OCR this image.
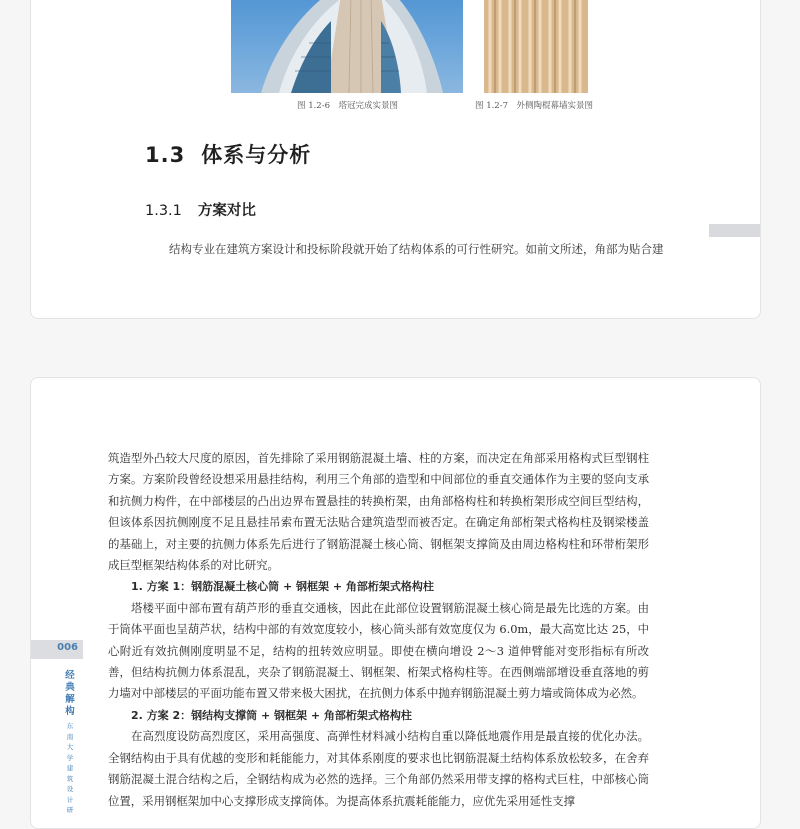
图 1.2-6　塔冠完成实景图	图 1.2-7　外侧陶棍幕墙实景图
1.3 体系与分析
1.3.1 方案对比
结构专业在建筑方案设计和投标阶段就开始了结构体系的可行性研究。如前文所述，角部为贴合建

筑造型外凸较大尺度的原因，首先排除了采用钢筋混凝土墙、柱的方案，而决定在角部采用格构式巨型钢柱方案。方案阶段曾经设想采用悬挂结构，利用三个角部的造型和中间部位的垂直交通体作为主要的竖向支承和抗侧力构件，在中部楼层的凸出边界布置悬挂的转换桁架，由角部格构柱和转换桁架形成空间巨型结构，但该体系因抗侧刚度不足且悬挂吊索布置无法贴合建筑造型而被否定。在确定角部桁架式格构柱及钢梁楼盖的基础上，对主要的抗侧力体系先后进行了钢筋混凝土核心筒、钢框架支撑筒及由周边格构柱和环带桁架形成巨型框架结构体系的对比研究。

1. 方案 1：钢筋混凝土核心筒 + 钢框架 + 角部桁架式格构柱

塔楼平面中部布置有葫芦形的垂直交通核，因此在此部位设置钢筋混凝土核心筒是最先比选的方案。由于筒体平面也呈葫芦状，结构中部的有效宽度较小，核心筒头部有效宽度仅为 6.0m，最大高宽比达 25，中心附近有效抗侧刚度明显不足，结构的扭转效应明显。即使在横向增设 2～3 道伸臂能对变形指标有所改善，但结构抗侧力体系混乱，夹杂了钢筋混凝土、钢框架、桁架式格构柱等。在西侧端部增设垂直落地的剪力墙对中部楼层的平面功能布置又带来极大困扰，在抗侧力体系中抛弃钢筋混凝土剪力墙或筒体成为必然。

2. 方案 2：钢结构支撑筒 + 钢框架 + 角部桁架式格构柱

在高烈度设防高烈度区，采用高强度、高弹性材料减小结构自重以降低地震作用是最直接的优化办法。全钢结构由于具有优越的变形和耗能能力，对其体系刚度的要求也比钢筋混凝土结构体系放松较多，在舍弃钢筋混凝土混合结构之后，全钢结构成为必然的选择。三个角部仍然采用带支撑的格构式巨柱，中部核心筒位置，采用钢框架加中心支撑形成支撑筒体。为提高体系抗震耗能能力，应优先采用延性支撑

006
经典解构
东南大学建筑设计研
